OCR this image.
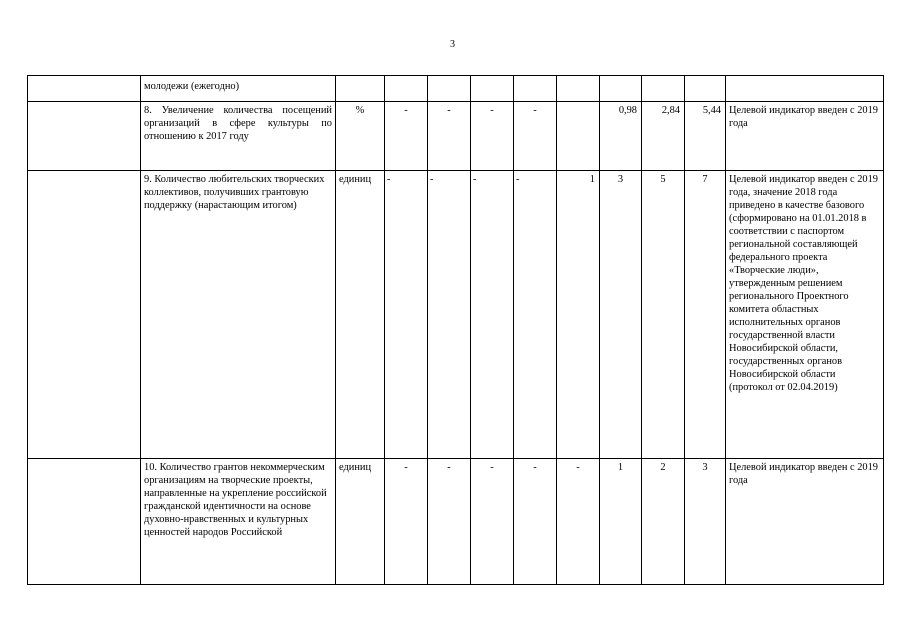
3
	молодежи (ежегодно)										
	8. Увеличение количества посещений организаций в сфере культуры по отношению к 2017 году	%	-	-	-	-		0,98	2,84	5,44	Целевой индикатор введен с 2019 года
	9. Количество любительских творческих коллективов, получивших грантовую поддержку (нарастающим итогом)	единиц	-	-	-	-	1	3	5	7	Целевой индикатор введен с 2019 года, значение 2018 года приведено в качестве базового (сформировано на 01.01.2018 в соответствии с паспортом региональной составляющей федерального проекта «Творческие люди», утвержденным решением регионального Проектного комитета областных исполнительных органов государственной власти Новосибирской области, государственных органов Новосибирской области (протокол от 02.04.2019)
	10. Количество грантов некоммерческим организациям на творческие проекты, направленные на укрепление российской гражданской идентичности на основе духовно-нравственных и культурных ценностей народов Российской	единиц	-	-	-	-	-	1	2	3	Целевой индикатор введен с 2019 года
